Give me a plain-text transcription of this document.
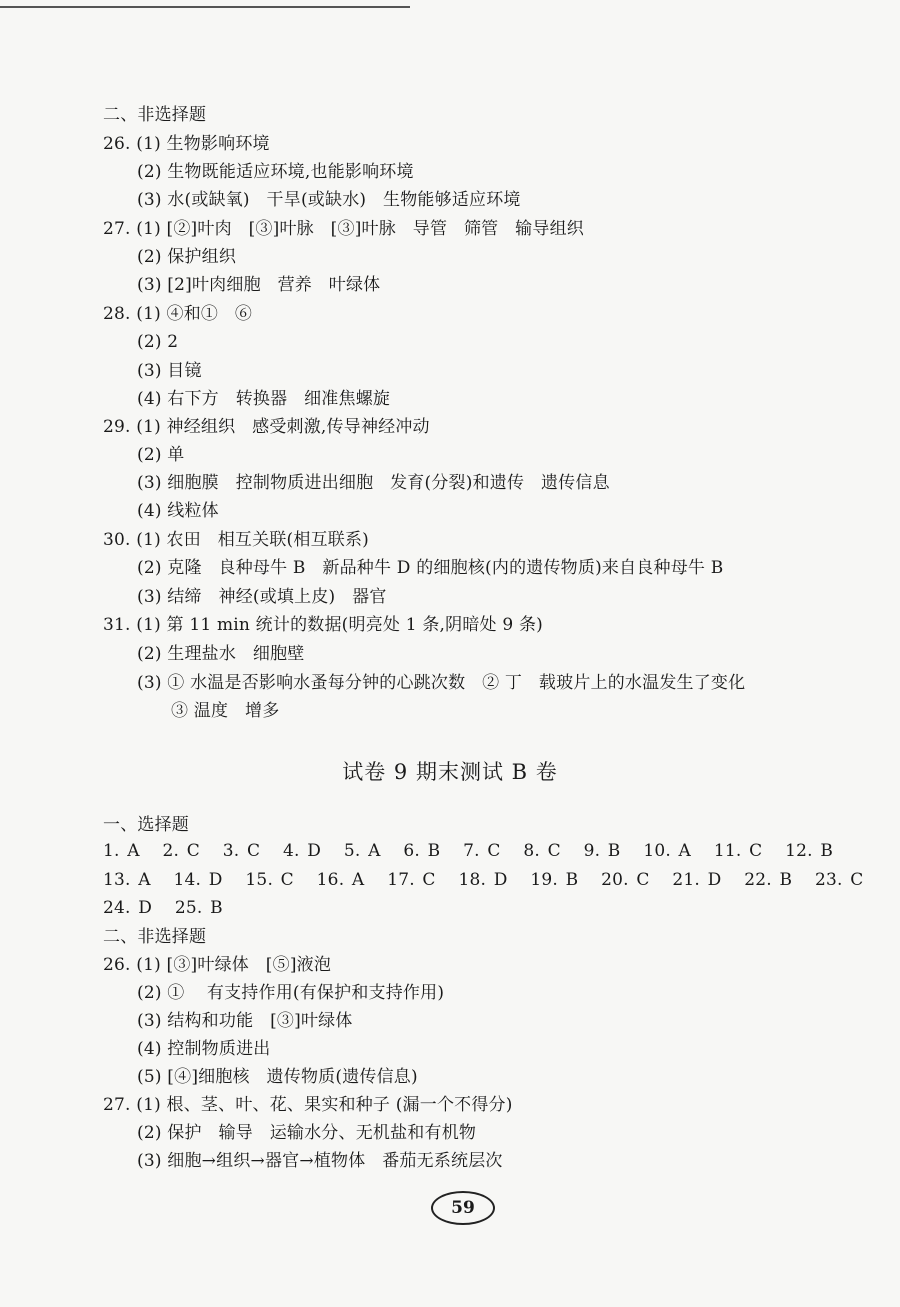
二、非选择题
26. (1) 生物影响环境
(2) 生物既能适应环境,也能影响环境
(3) 水(或缺氧)   干旱(或缺水)   生物能够适应环境
27. (1) [②]叶肉   [③]叶脉   [③]叶脉   导管   筛管   输导组织
(2) 保护组织
(3) [2]叶肉细胞   营养   叶绿体
28. (1) ④和①   ⑥
(2) 2
(3) 目镜
(4) 右下方   转换器   细准焦螺旋
29. (1) 神经组织   感受刺激,传导神经冲动
(2) 单
(3) 细胞膜   控制物质进出细胞   发育(分裂)和遗传   遗传信息
(4) 线粒体
30. (1) 农田   相互关联(相互联系)
(2) 克隆   良种母牛 B   新品种牛 D 的细胞核(内的遗传物质)来自良种母牛 B
(3) 结缔   神经(或填上皮)   器官
31. (1) 第 11 min 统计的数据(明亮处 1 条,阴暗处 9 条)
(2) 生理盐水   细胞壁
(3) ① 水温是否影响水蚤每分钟的心跳次数   ② 丁   载玻片上的水温发生了变化
③ 温度   增多
试卷 9 期末测试 B 卷
一、选择题
1. A   2. C   3. C   4. D   5. A   6. B   7. C   8. C   9. B   10. A   11. C   12. B
13. A   14. D   15. C   16. A   17. C   18. D   19. B   20. C   21. D   22. B   23. C
24. D   25. B
二、非选择题
26. (1) [③]叶绿体   [⑤]液泡
(2) ①    有支持作用(有保护和支持作用)
(3) 结构和功能   [③]叶绿体
(4) 控制物质进出
(5) [④]细胞核   遗传物质(遗传信息)
27. (1) 根、茎、叶、花、果实和种子 (漏一个不得分)
(2) 保护   输导   运输水分、无机盐和有机物
(3) 细胞→组织→器官→植物体   番茄无系统层次
59
